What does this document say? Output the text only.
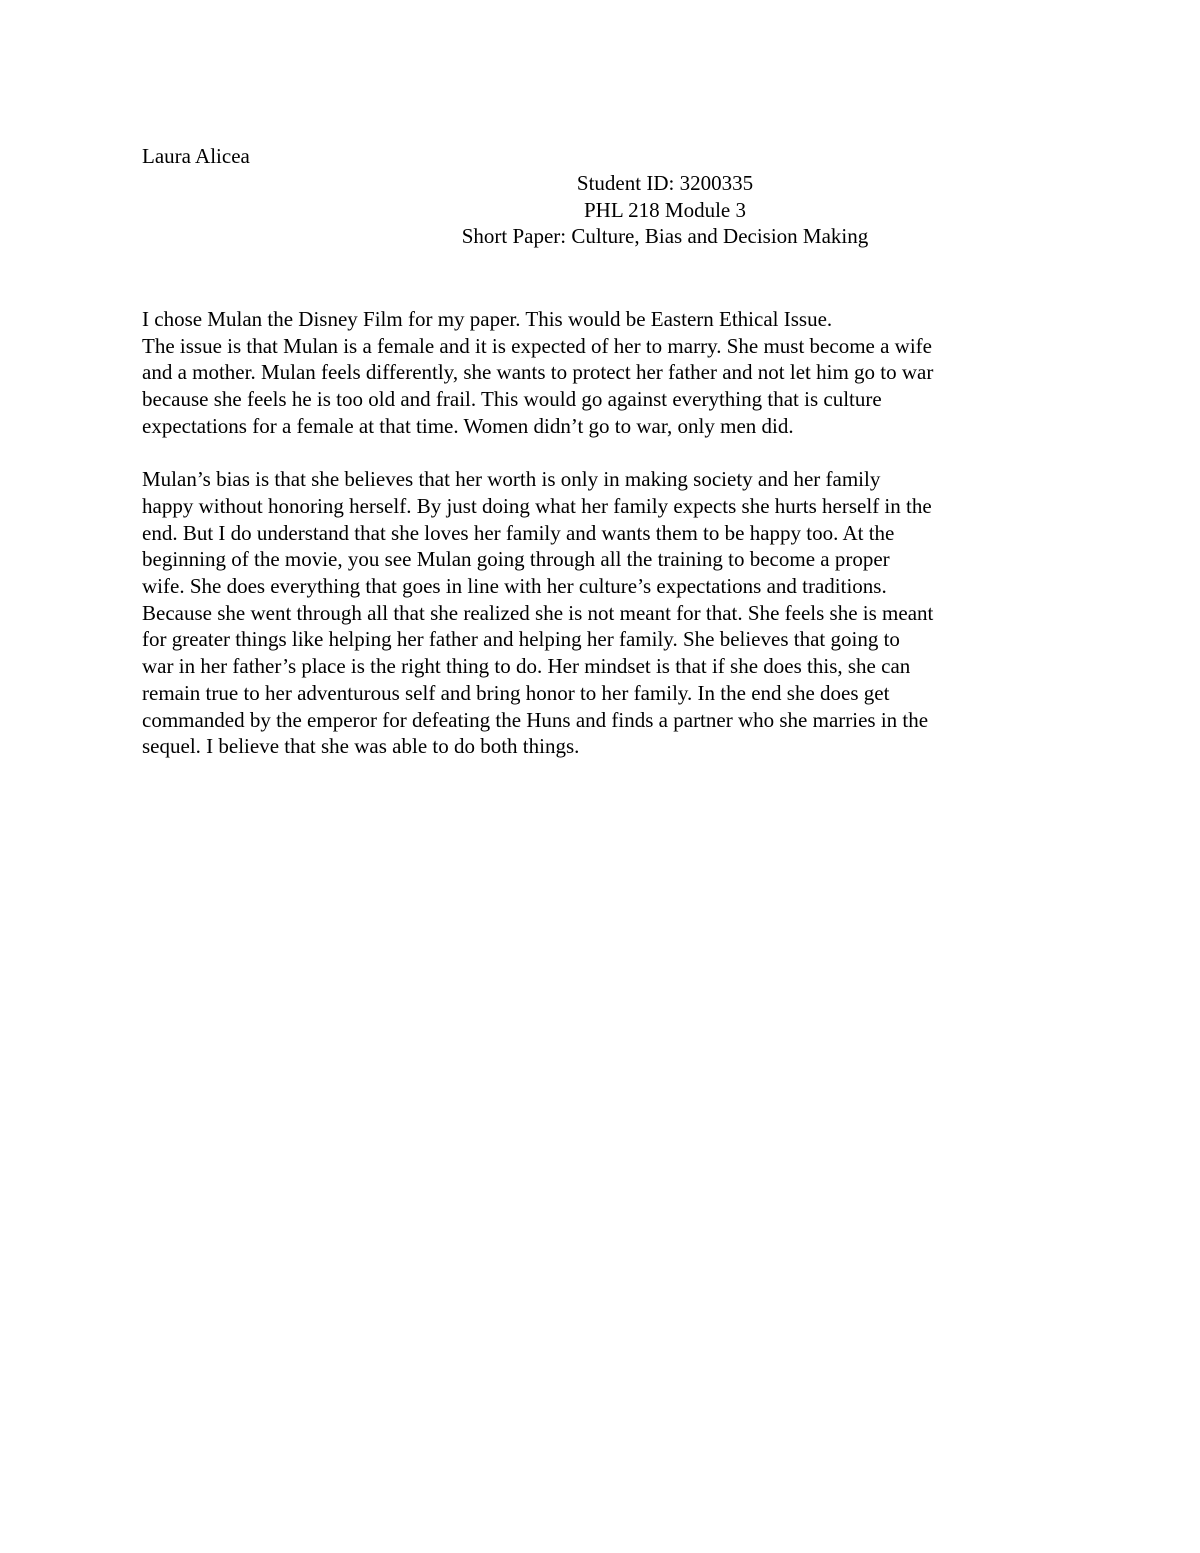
Laura Alicea
Student ID: 3200335
PHL 218 Module 3
Short Paper: Culture, Bias and Decision Making
I chose Mulan the Disney Film for my paper. This would be Eastern Ethical Issue.
The issue is that Mulan is a female and it is expected of her to marry. She must become a wife
and a mother. Mulan feels differently, she wants to protect her father and not let him go to war
because she feels he is too old and frail. This would go against everything that is culture
expectations for a female at that time. Women didn’t go to war, only men did.
Mulan’s bias is that she believes that her worth is only in making society and her family
happy without honoring herself. By just doing what her family expects she hurts herself in the
end. But I do understand that she loves her family and wants them to be happy too. At the
beginning of the movie, you see Mulan going through all the training to become a proper
wife. She does everything that goes in line with her culture’s expectations and traditions.
Because she went through all that she realized she is not meant for that. She feels she is meant
for greater things like helping her father and helping her family. She believes that going to
war in her father’s place is the right thing to do. Her mindset is that if she does this, she can
remain true to her adventurous self and bring honor to her family. In the end she does get
commanded by the emperor for defeating the Huns and finds a partner who she marries in the
sequel. I believe that she was able to do both things.
